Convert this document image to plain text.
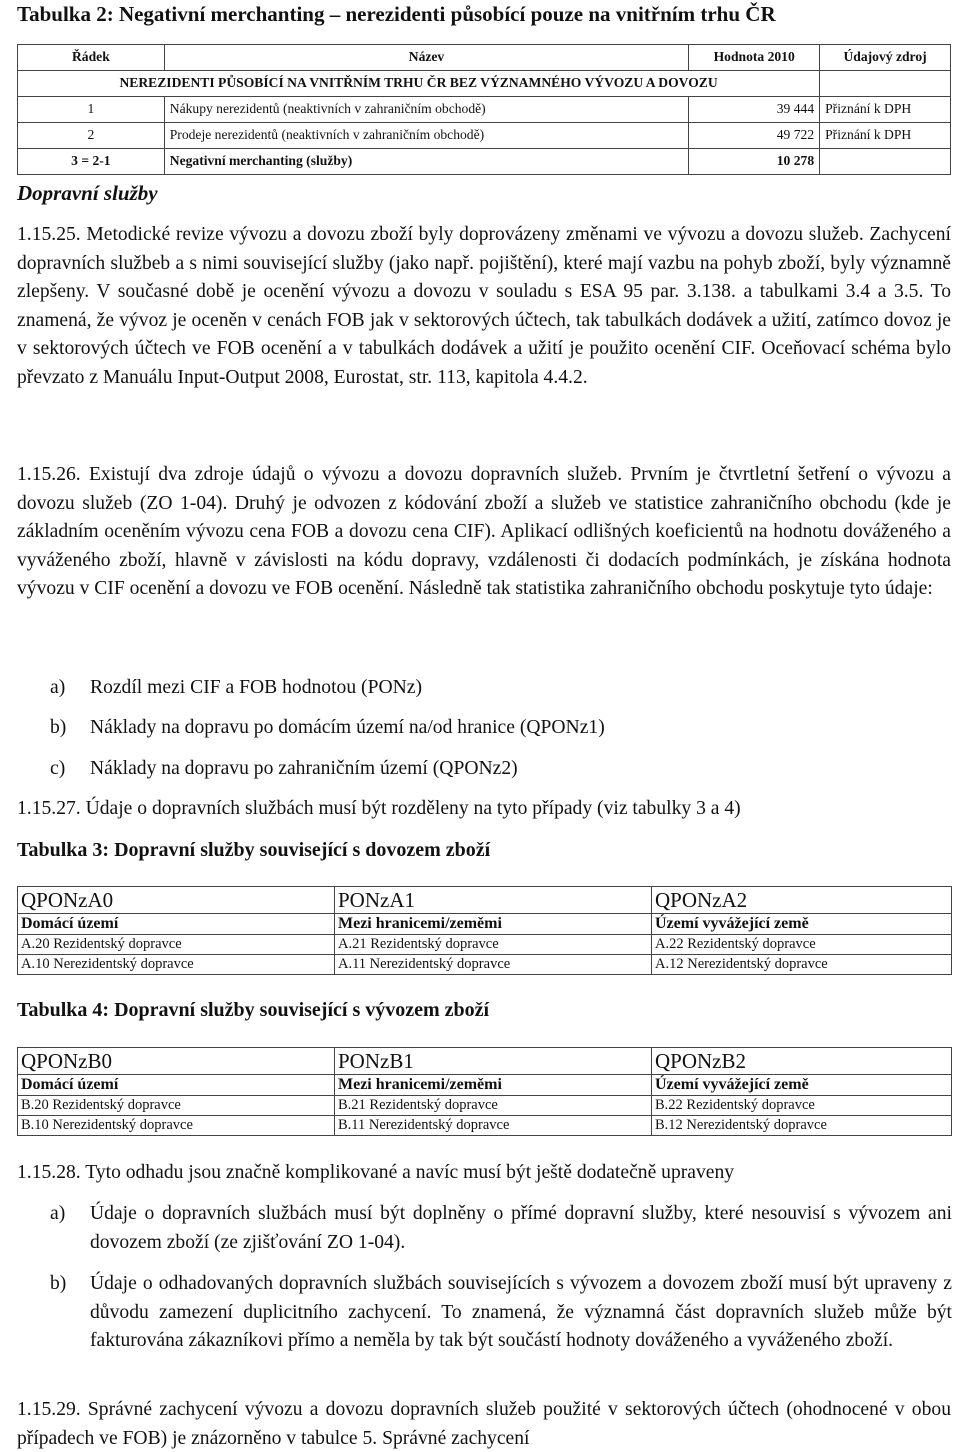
Tabulka 2: Negativní merchanting – nerezidenti působící pouze na vnitřním trhu ČR
Řádek	Název	Hodnota 2010	Údajový zdroj
NEREZIDENTI PŮSOBÍCÍ NA VNITŘNÍM TRHU ČR BEZ VÝZNAMNÉHO VÝVOZU A DOVOZU			
1	Nákupy nerezidentů (neaktivních v zahraničním obchodě)	39 444	Přiznání k DPH
2	Prodeje nerezidentů (neaktivních v zahraničním obchodě)	49 722	Přiznání k DPH
3 = 2-1	Negativní merchanting (služby)	10 278	
Dopravní služby

1.15.25. Metodické revize vývozu a dovozu zboží byly doprovázeny změnami ve vývozu a dovozu služeb. Zachycení dopravních službeb a s nimi související služby (jako např. pojištění), které mají vazbu na pohyb zboží, byly významně zlepšeny. V současné době je ocenění vývozu a dovozu v souladu s ESA 95 par. 3.138. a tabulkami 3.4 a 3.5. To znamená, že vývoz je oceněn v cenách FOB jak v sektorových účtech, tak tabulkách dodávek a užití, zatímco dovoz je v sektorových účtech ve FOB ocenění a v tabulkách dodávek a užití je použito ocenění CIF. Oceňovací schéma bylo převzato z Manuálu Input-Output 2008, Eurostat, str. 113, kapitola 4.4.2.

1.15.26. Existují dva zdroje údajů o vývozu a dovozu dopravních služeb. Prvním je čtvrtletní šetření o vývozu a dovozu služeb (ZO 1-04). Druhý je odvozen z kódování zboží a služeb ve statistice zahraničního obchodu (kde je základním oceněním vývozu cena FOB a dovozu cena CIF). Aplikací odlišných koeficientů na hodnotu dováženého a vyváženého zboží, hlavně v závislosti na kódu dopravy, vzdálenosti či dodacích podmínkách, je získána hodnota vývozu v CIF ocenění a dovozu ve FOB ocenění. Následně tak statistika zahraničního obchodu poskytuje tyto údaje:

a) Rozdíl mezi CIF a FOB hodnotou (PONz)
b) Náklady na dopravu po domácím území na/od hranice (QPONz1)
c) Náklady na dopravu po zahraničním území (QPONz2)

1.15.27. Údaje o dopravních službách musí být rozděleny na tyto případy (viz tabulky 3 a 4)

Tabulka 3: Dopravní služby související s dovozem zboží
QPONzA0	PONzA1	QPONzA2
Domácí území	Mezi hranicemi/zeměmi	Území vyvážející země
A.20 Rezidentský dopravce	A.21 Rezidentský dopravce	A.22 Rezidentský dopravce
A.10 Nerezidentský dopravce	A.11 Nerezidentský dopravce	A.12 Nerezidentský dopravce
Tabulka 4: Dopravní služby související s vývozem zboží
QPONzB0	PONzB1	QPONzB2
Domácí území	Mezi hranicemi/zeměmi	Území vyvážející země
B.20 Rezidentský dopravce	B.21 Rezidentský dopravce	B.22 Rezidentský dopravce
B.10 Nerezidentský dopravce	B.11 Nerezidentský dopravce	B.12 Nerezidentský dopravce

1.15.28. Tyto odhadu jsou značně komplikované a navíc musí být ještě dodatečně upraveny

a) Údaje o dopravních službách musí být doplněny o přímé dopravní služby, které nesouvisí s vývozem ani dovozem zboží (ze zjišťování ZO 1-04).
b) Údaje o odhadovaných dopravních službách souvisejících s vývozem a dovozem zboží musí být upraveny z důvodu zamezení duplicitního zachycení. To znamená, že významná část dopravních služeb může být fakturována zákazníkovi přímo a neměla by tak být součástí hodnoty dováženého a vyváženého zboží.

1.15.29. Správné zachycení vývozu a dovozu dopravních služeb použité v sektorových účtech (ohodnocené v obou případech ve FOB) je znázorněno v tabulce 5. Správné zachycení
